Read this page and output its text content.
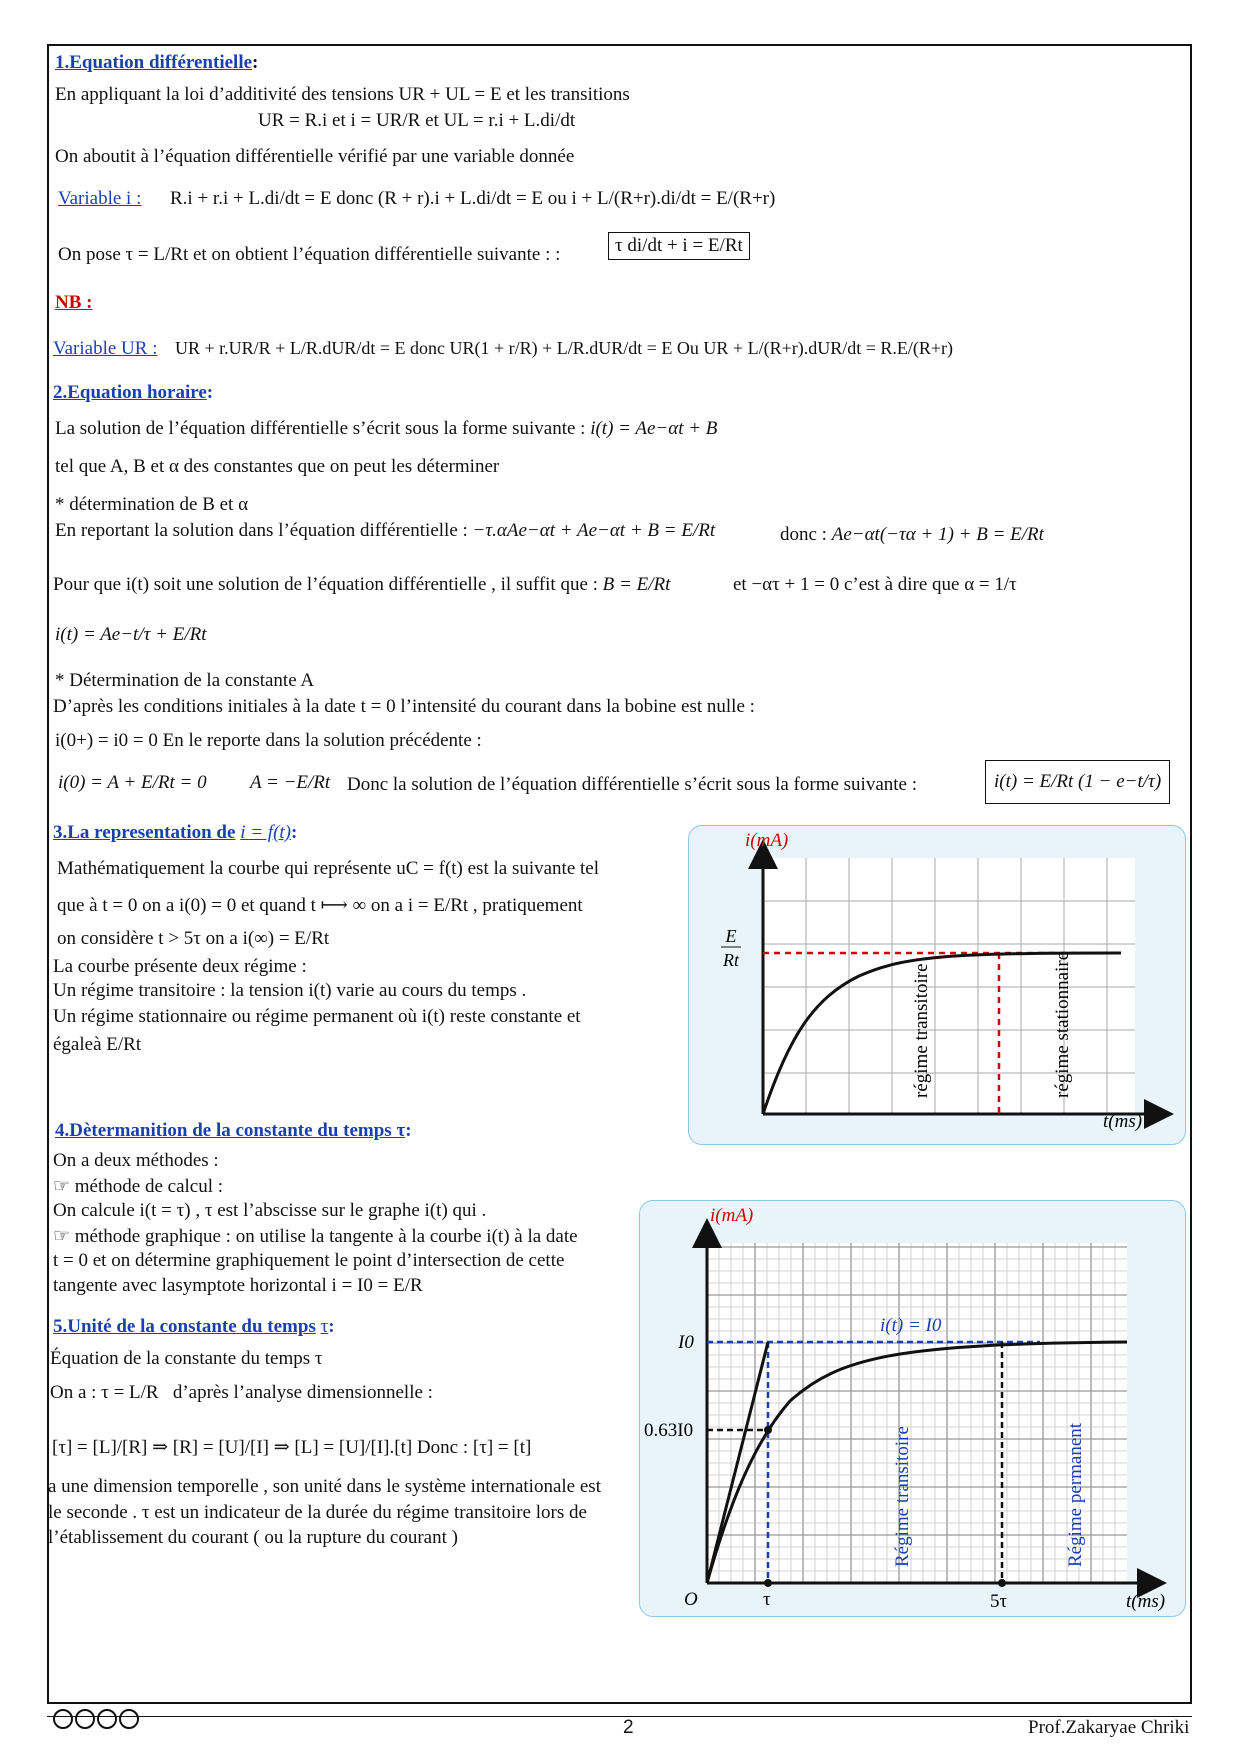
1.Equation différentielle:
En appliquant la loi d’additivité des tensions UR + UL = E et les transitions
UR = R.i et i = UR/R et UL = r.i + L.di/dt
On aboutit à l’équation différentielle vérifié par une variable donnée
Variable i : R.i + r.i + L.di/dt = E donc (R + r).i + L.di/dt = E ou i + L/(R+r).di/dt = E/(R+r)
On pose τ = L/Rt et on obtient l’équation différentielle suivante : :	τ di/dt + i = E/Rt
NB :
Variable UR : UR + r.UR/R + L/R.dUR/dt = E donc UR(1 + r/R) + L/R.dUR/dt = E Ou UR + L/(R+r).dUR/dt = R.E/(R+r)
2.Equation horaire:
La solution de l’équation différentielle s’écrit sous la forme suivante : i(t) = Ae−αt + B
tel que A, B et α des constantes que on peut les déterminer
* détermination de B et α
En reportant la solution dans l’équation différentielle : −τ.αAe−αt + Ae−αt + B = E/Rt	donc : Ae−αt(−τα + 1) + B = E/Rt
Pour que i(t) soit une solution de l’équation différentielle , il suffit que : B = E/Rt	et −ατ + 1 = 0 c’est à dire que α = 1/τ
i(t) = Ae−t/τ + E/Rt
* Détermination de la constante A
D’après les conditions initiales à la date t = 0 l’intensité du courant dans la bobine est nulle :
i(0+) = i0 = 0 En le reporte dans la solution précédente :
i(0) = A + E/Rt = 0 A = −E/Rt Donc la solution de l’équation différentielle s’écrit sous la forme suivante :	i(t) = E/Rt (1 − e−t/τ)
3.La representation de i = f(t):
Mathématiquement la courbe qui représente uC = f(t) est la suivante tel
que à t = 0 on a i(0) = 0 et quand t ⟼ ∞ on a i = E/Rt , pratiquement
on considère t > 5τ on a i(∞) = E/Rt
La courbe présente deux régime :
Un régime transitoire : la tension i(t) varie au cours du temps .
Un régime stationnaire ou régime permanent où i(t) reste constante et
égaleà E/Rt
i(mA)
t(ms)
E
Rt
régime transitoire	régime stationnaire
4.Dètermanition de la constante du temps τ:
On a deux méthodes :
☞ méthode de calcul :
On calcule i(t = τ) , τ est l’abscisse sur le graphe i(t) qui .
☞ méthode graphique : on utilise la tangente à la courbe i(t) à la date
t = 0 et on détermine graphiquement le point d’intersection de cette
tangente avec lasymptote horizontal i = I0 = E/R
5.Unité de la constante du temps τ:
Équation de la constante du temps τ
On a : τ = L/R d’après l’analyse dimensionnelle :
[τ] = [L]/[R] ⇒ [R] = [U]/[I] ⇒ [L] = [U]/[I].[t] Donc : [τ] = [t]
a une dimension temporelle , son unité dans le système internationale est
le seconde . τ est un indicateur de la durée du régime transitoire lors de
l’établissement du courant ( ou la rupture du courant )
i(mA)
t(ms)
O
I0
0.63I0
i(t) = I0
τ	5τ
Régime transitoire	Régime permanent
2	Prof.Zakaryae Chriki
